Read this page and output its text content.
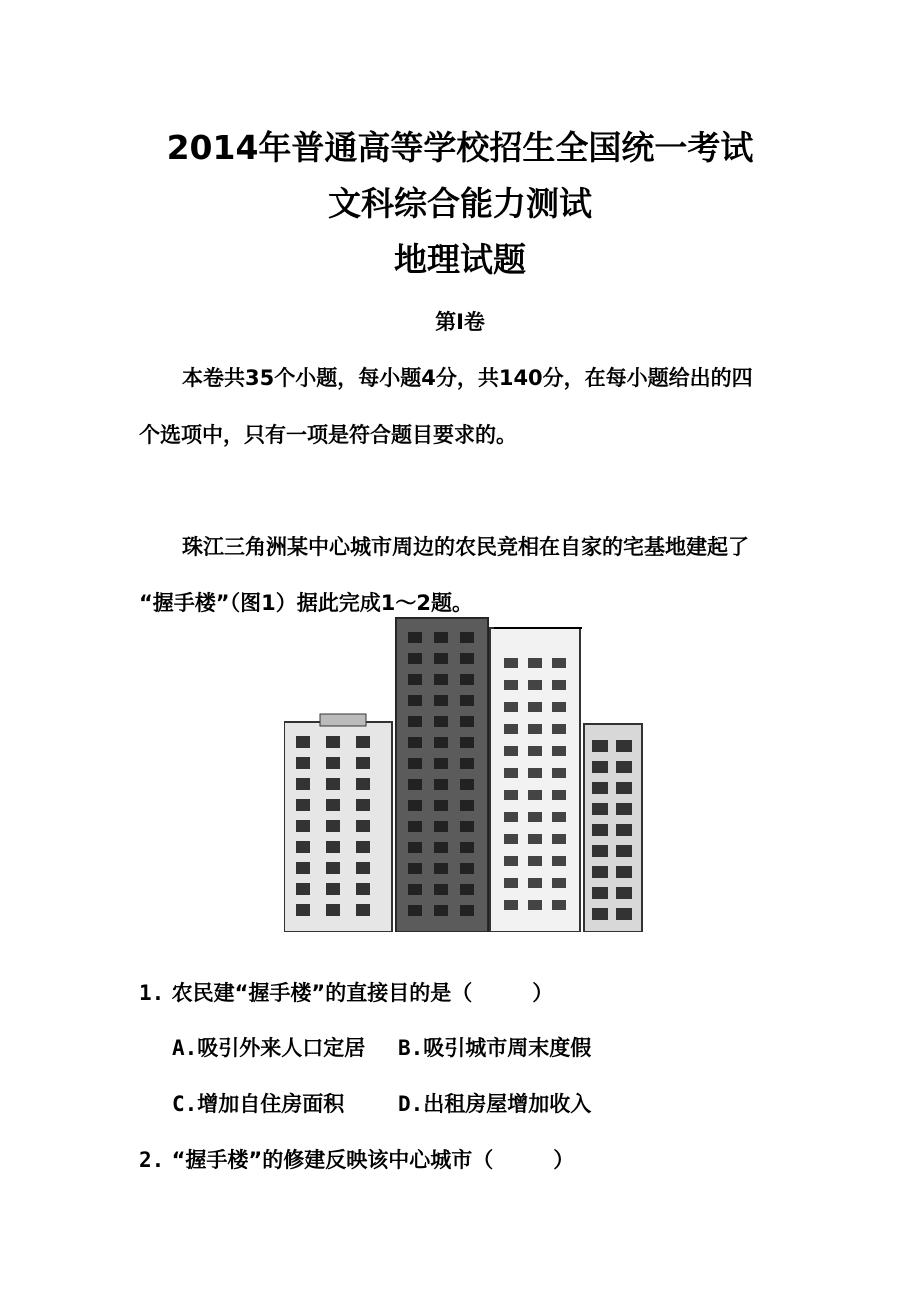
2014年普通高等学校招生全国统一考试
文科综合能力测试
地理试题
第Ⅰ卷
本卷共35个小题，每小题4分，共140分，在每小题给出的四
个选项中，只有一项是符合题目要求的。
珠江三角洲某中心城市周边的农民竞相在自家的宅基地建起了
“握手楼”（图1）据此完成1～2题。
1. 农民建“握手楼”的直接目的是（	）
A.吸引外来人口定居 B.吸引城市周末度假
C.增加自住房面积	D.出租房屋增加收入
2. “握手楼”的修建反映该中心城市（	）
